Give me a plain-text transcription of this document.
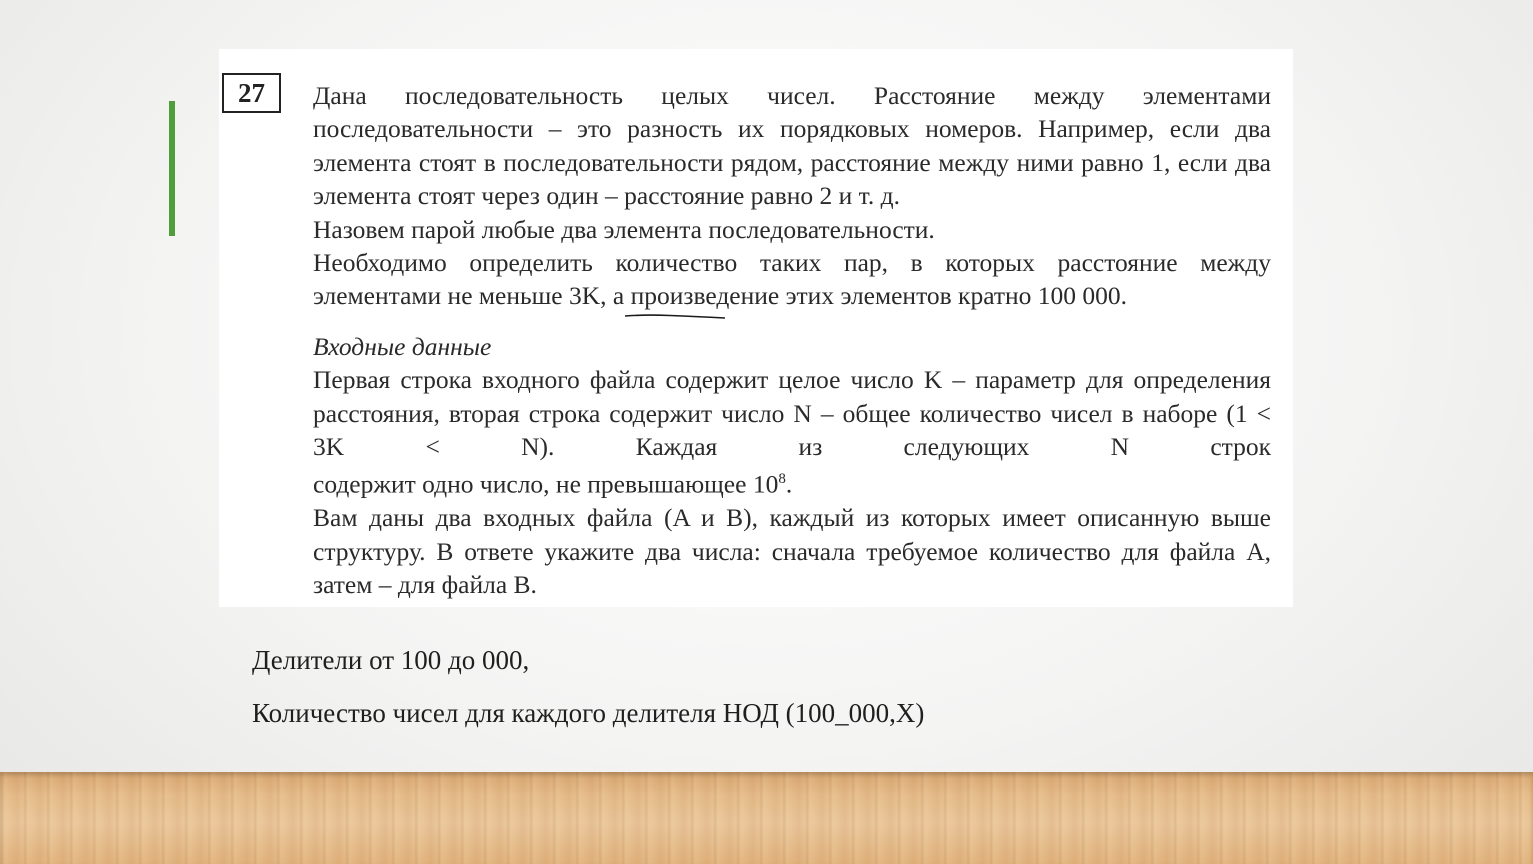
27	Дана последовательность целых чисел. Расстояние между элементами последовательности – это разность их порядковых номеров. Например, если два элемента стоят в последовательности рядом, расстояние между ними равно 1, если два элемента стоят через один – расстояние равно 2 и т. д.

Назовем парой любые два элемента последовательности.

Необходимо определить количество таких пар, в которых расстояние между

элементами не меньше 3K, а произведение этих элементов кратно 100 000.

Входные данные

Первая строка входного файла содержит целое число K – параметр для определения расстояния, вторая строка содержит число N – общее количество чисел в наборе (1 < 3K < N). Каждая из следующих N строк

содержит одно число, не превышающее $10^8$.

Вам даны два входных файла (A и B), каждый из которых имеет описанную выше структуру. В ответе укажите два числа: сначала требуемое количество для файла A, затем – для файла B.

Делители от 100 до 000,
Количество чисел для каждого делителя НОД (100_000,X)
